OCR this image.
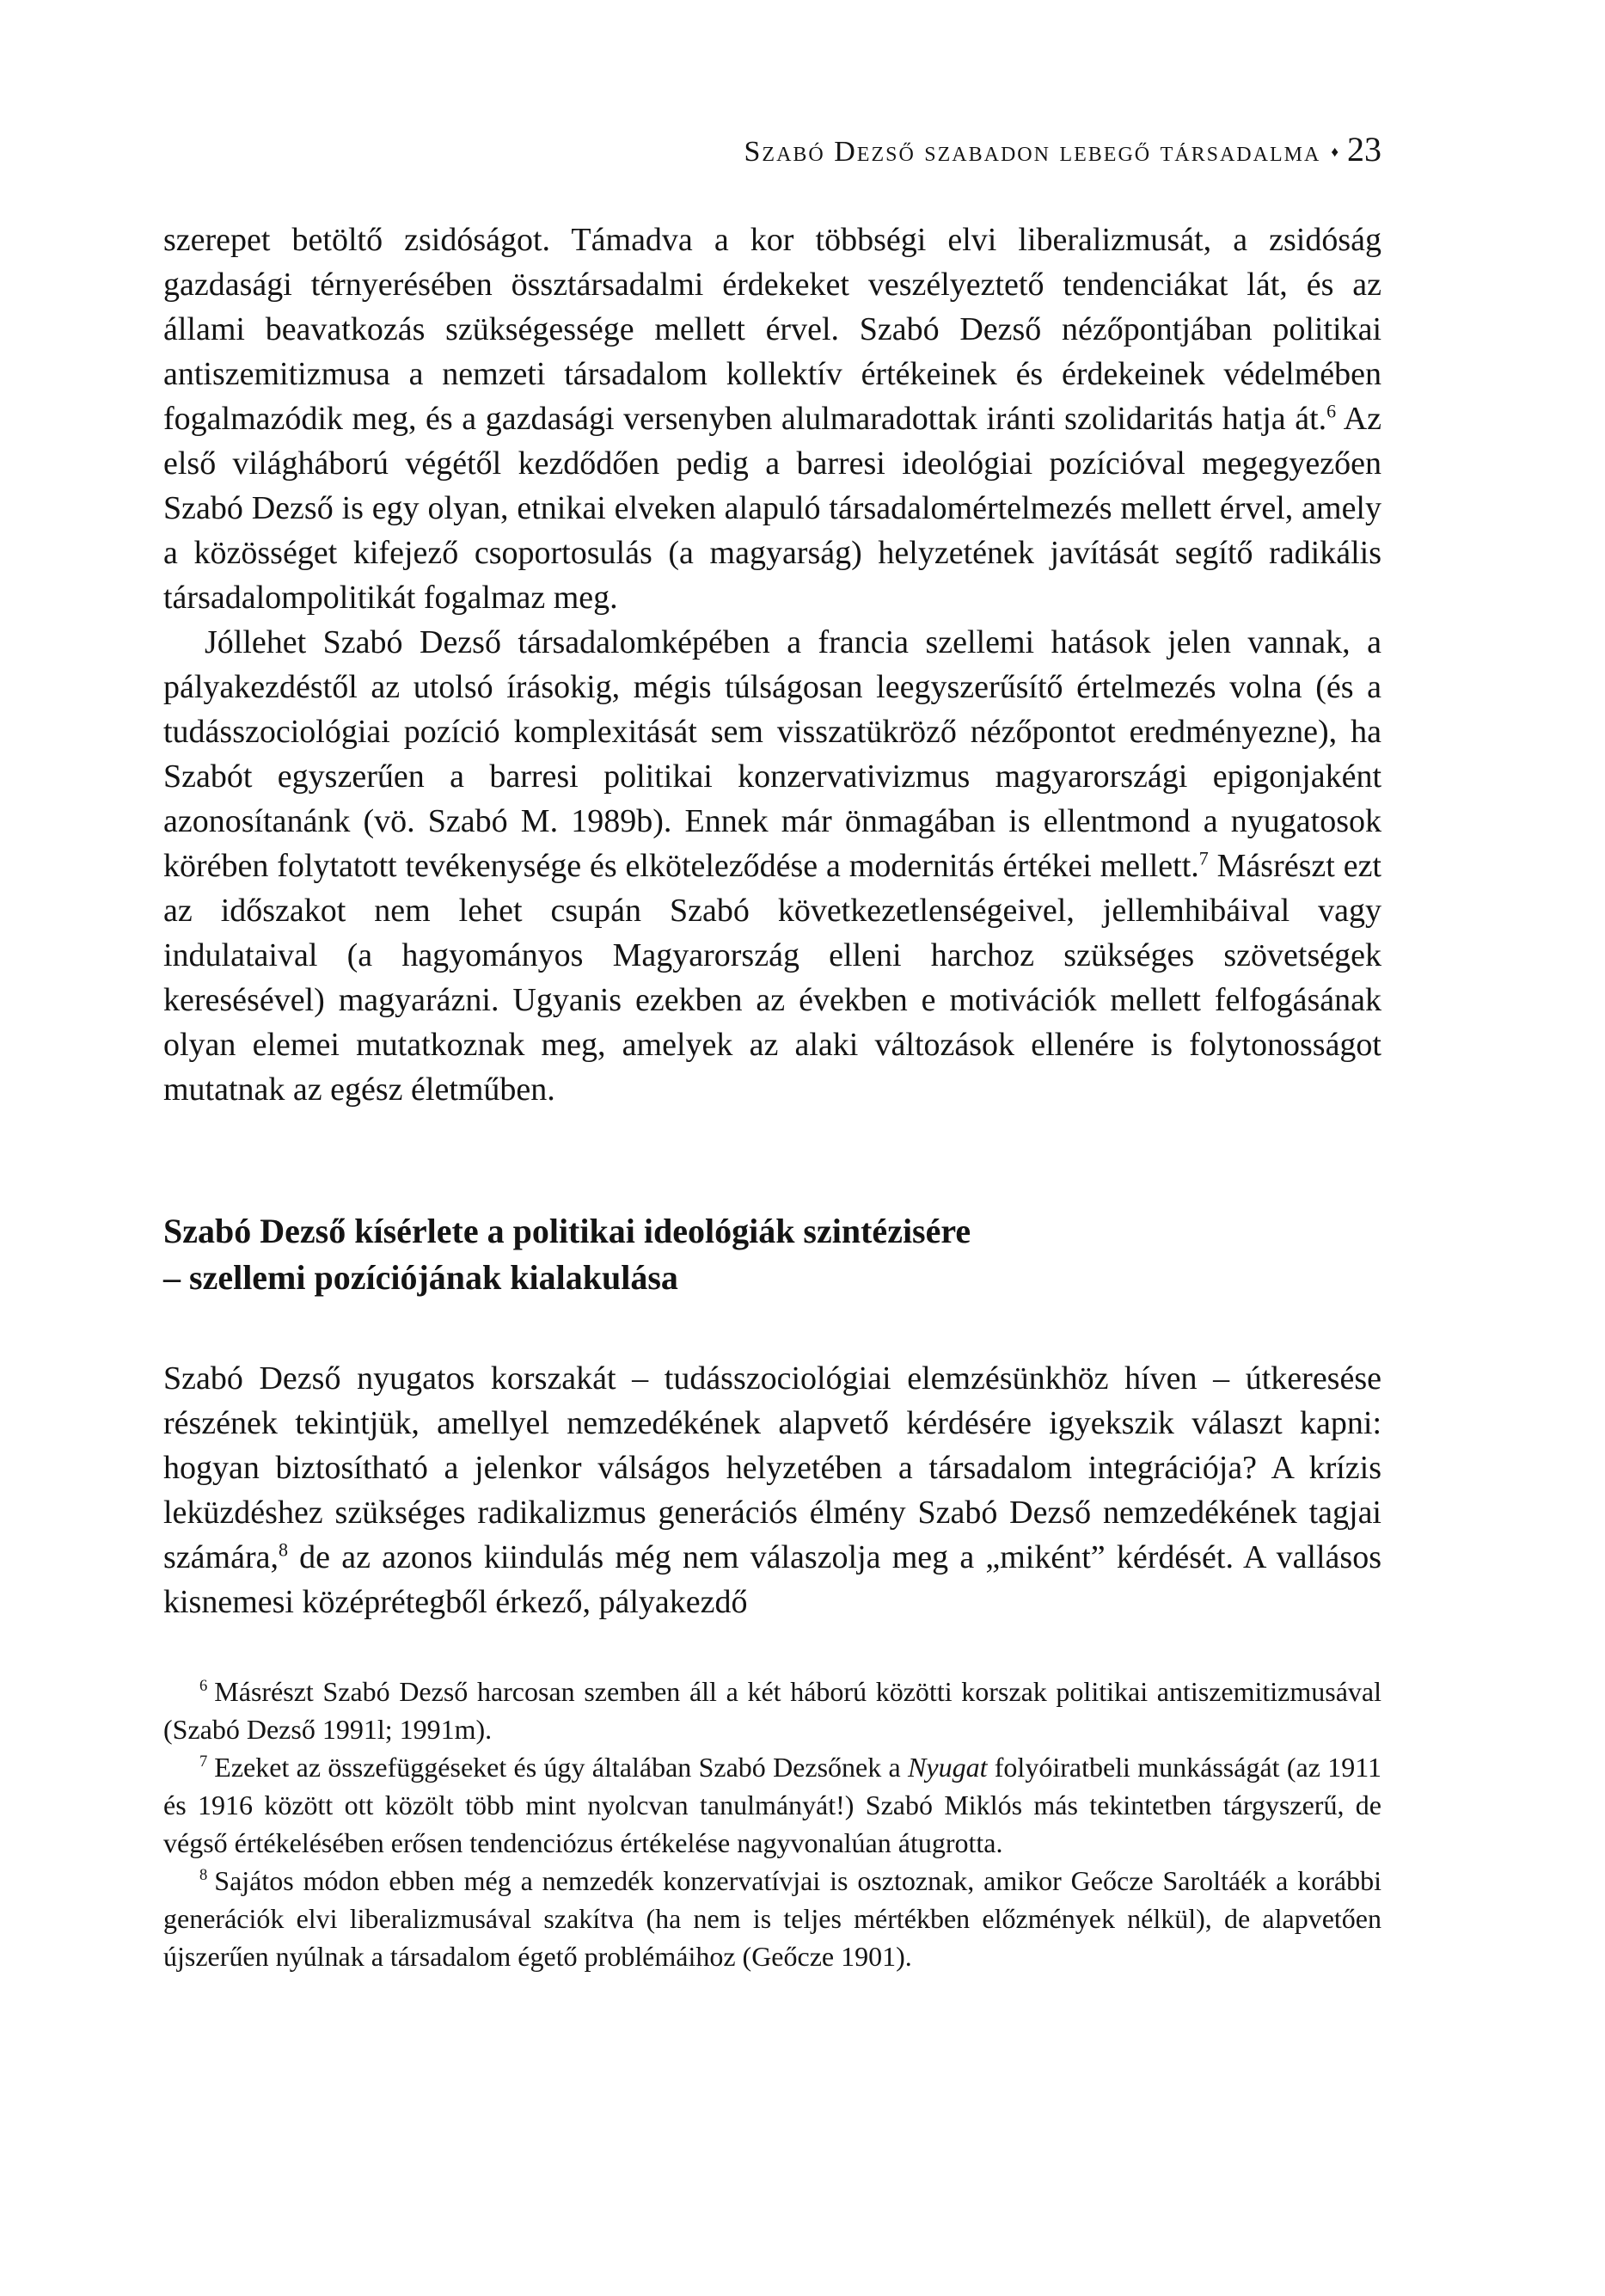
Szabó Dezső szabadon lebegő társadalma ♦ 23

szerepet betöltő zsidóságot. Támadva a kor többségi elvi liberalizmusát, a zsidóság gazdasági térnyerésében össztársadalmi érdekeket veszélyeztető tendenciákat lát, és az állami beavatkozás szükségessége mellett érvel. Szabó Dezső nézőpontjában politikai antiszemitizmusa a nemzeti társadalom kollektív értékeinek és érdekeinek védelmében fogalmazódik meg, és a gazdasági versenyben alulmaradottak iránti szolidaritás hatja át.$^6$ Az első világháború végétől kezdődően pedig a barresi ideológiai pozícióval megegyezően Szabó Dezső is egy olyan, etnikai elveken alapuló társadalomértelmezés mellett érvel, amely a közösséget kifejező csoportosulás (a magyarság) helyzetének javítását segítő radikális társadalompolitikát fogalmaz meg.

Jóllehet Szabó Dezső társadalomképében a francia szellemi hatások jelen vannak, a pályakezdéstől az utolsó írásokig, mégis túlságosan leegyszerűsítő értelmezés volna (és a tudásszociológiai pozíció komplexitását sem visszatükröző nézőpontot eredményezne), ha Szabót egyszerűen a barresi politikai konzervativizmus magyarországi epigonjaként azonosítanánk (vö. Szabó M. 1989b). Ennek már önmagában is ellentmond a nyugatosok körében folytatott tevékenysége és elköteleződése a modernitás értékei mellett.$^7$ Másrészt ezt az időszakot nem lehet csupán Szabó következetlenségeivel, jellemhibáival vagy indulataival (a hagyományos Magyarország elleni harchoz szükséges szövetségek keresésével) magyarázni. Ugyanis ezekben az években e motivációk mellett felfogásának olyan elemei mutatkoznak meg, amelyek az alaki változások ellenére is folytonosságot mutatnak az egész életműben.

Szabó Dezső kísérlete a politikai ideológiák szintézisére
– szellemi pozíciójának kialakulása

Szabó Dezső nyugatos korszakát – tudásszociológiai elemzésünkhöz híven – útkeresése részének tekintjük, amellyel nemzedékének alapvető kérdésére igyekszik választ kapni: hogyan biztosítható a jelenkor válságos helyzetében a társadalom integrációja? A krízis leküzdéshez szükséges radikalizmus generációs élmény Szabó Dezső nemzedékének tagjai számára,$^8$ de az azonos kiindulás még nem válaszolja meg a „miként” kérdését. A vallásos kisnemesi középrétegből érkező, pályakezdő

$^6$ Másrészt Szabó Dezső harcosan szemben áll a két háború közötti korszak politikai antiszemitizmusával (Szabó Dezső 1991l; 1991m).

$^7$ Ezeket az összefüggéseket és úgy általában Szabó Dezsőnek a Nyugat folyóiratbeli munkásságát (az 1911 és 1916 között ott közölt több mint nyolcvan tanulmányát!) Szabó Miklós más tekintetben tárgyszerű, de végső értékelésében erősen tendenciózus értékelése nagyvonalúan átugrotta.

$^8$ Sajátos módon ebben még a nemzedék konzervatívjai is osztoznak, amikor Geőcze Saroltáék a korábbi generációk elvi liberalizmusával szakítva (ha nem is teljes mértékben előzmények nélkül), de alapvetően újszerűen nyúlnak a társadalom égető problémáihoz (Geőcze 1901).
